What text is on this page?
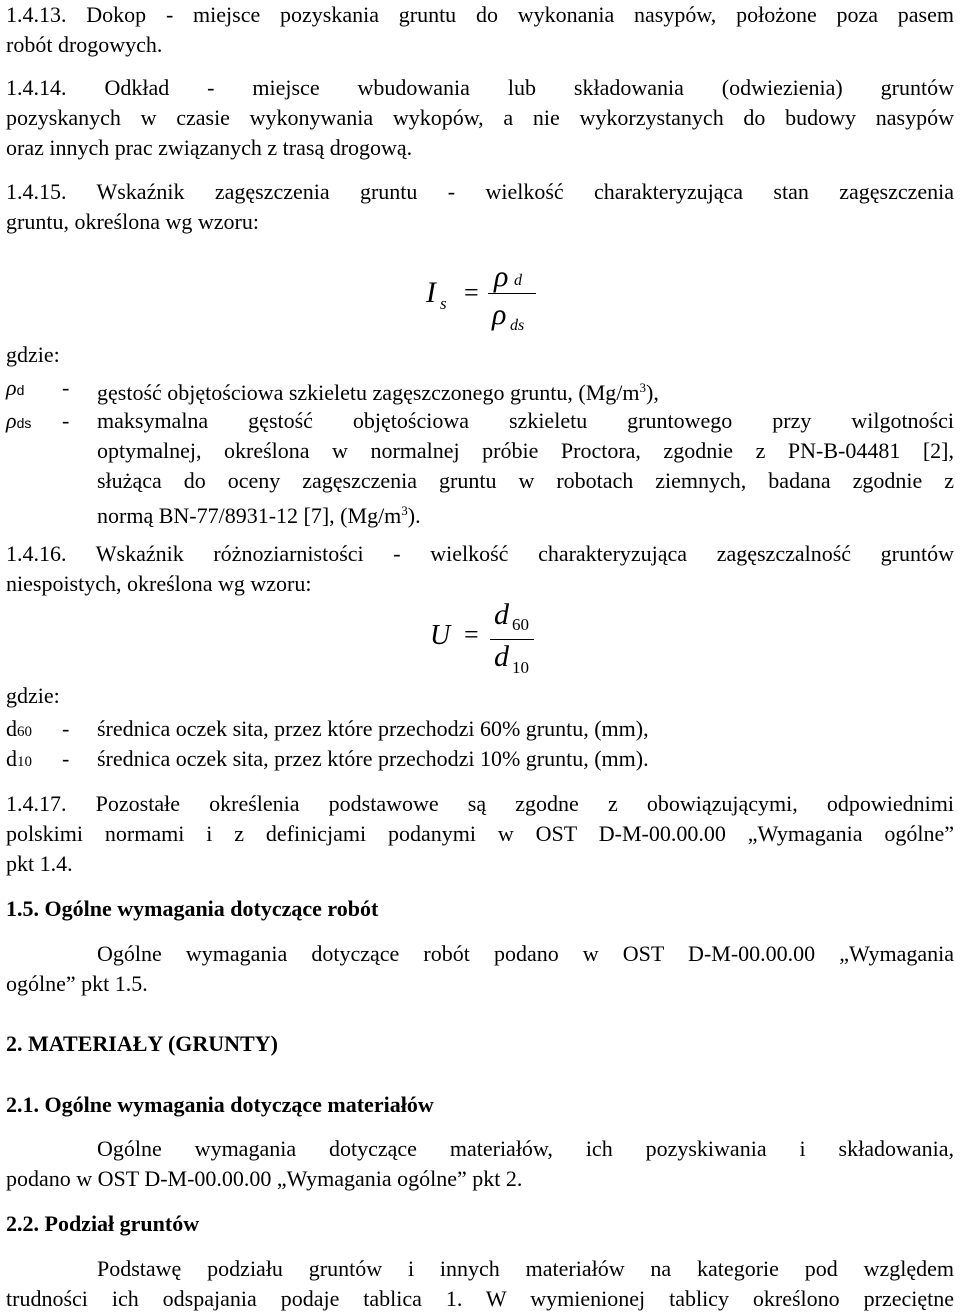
1.4.13. Dokop - miejsce pozyskania gruntu do wykonania nasypów, położone poza pasem
robót drogowych.
1.4.14. Odkład - miejsce wbudowania lub składowania (odwiezienia) gruntów
pozyskanych w czasie wykonywania wykopów, a nie wykorzystanych do budowy nasypów
oraz innych prac związanych z trasą drogową.
1.4.15. Wskaźnik zagęszczenia gruntu - wielkość charakteryzująca stan zagęszczenia
gruntu, określona wg wzoru:
I s = ρ d
ρ ds
gdzie:
ρd - gęstość objętościowa szkieletu zagęszczonego gruntu, $(Mg/m^3)$,
ρds - maksymalna gęstość objętościowa szkieletu gruntowego przy wilgotności
optymalnej, określona w normalnej próbie Proctora, zgodnie z PN-B-04481 [2],
służąca do oceny zagęszczenia gruntu w robotach ziemnych, badana zgodnie z
normą BN-77/8931-12 [7], $(Mg/m^3)$.
1.4.16. Wskaźnik różnoziarnistości - wielkość charakteryzująca zagęszczalność gruntów
niespoistych, określona wg wzoru:
U =
d 60
d 10
gdzie:
d60 - średnica oczek sita, przez które przechodzi 60% gruntu, (mm),
d10 - średnica oczek sita, przez które przechodzi 10% gruntu, (mm).
1.4.17. Pozostałe określenia podstawowe są zgodne z obowiązującymi, odpowiednimi
polskimi normami i z definicjami podanymi w OST D-M-00.00.00 „Wymagania ogólne”
pkt 1.4.
1.5. Ogólne wymagania dotyczące robót
Ogólne wymagania dotyczące robót podano w OST D-M-00.00.00 „Wymagania
ogólne” pkt 1.5.
2. MATERIAŁY (GRUNTY)
2.1. Ogólne wymagania dotyczące materiałów
Ogólne wymagania dotyczące materiałów, ich pozyskiwania i składowania,
podano w OST D-M-00.00.00 „Wymagania ogólne” pkt 2.
2.2. Podział gruntów
Podstawę podziału gruntów i innych materiałów na kategorie pod względem
trudności ich odspajania podaje tablica 1. W wymienionej tablicy określono przeciętne
